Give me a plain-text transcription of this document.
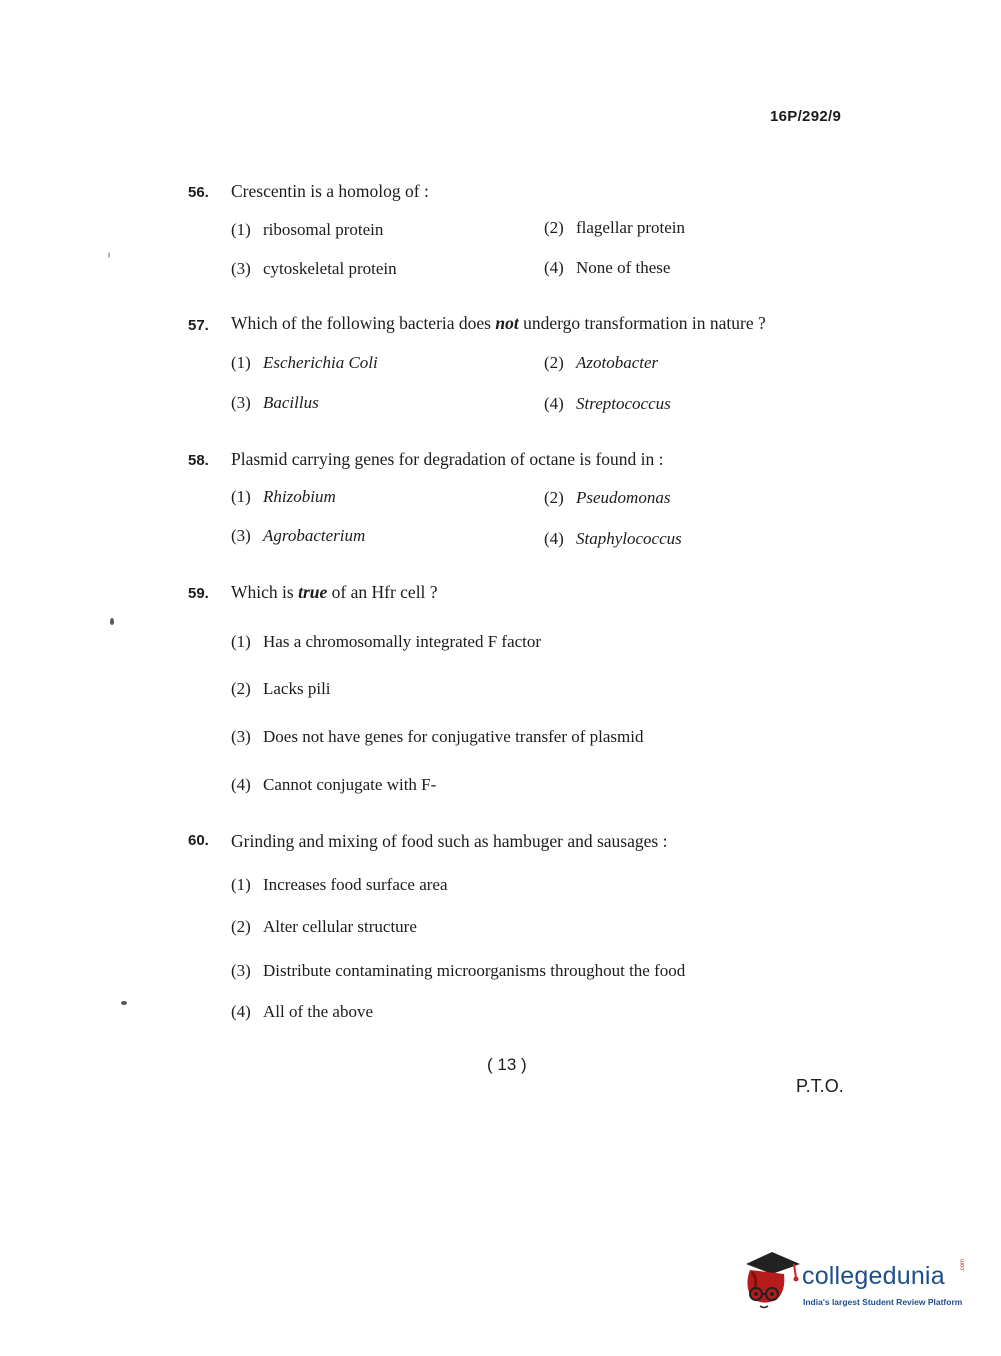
16P/292/9
56. Crescentin is a homolog of :
(1) ribosomal protein	(2) flagellar protein
(3) cytoskeletal protein	(4) None of these
57. Which of the following bacteria does not undergo transformation in nature ?
(1) Escherichia Coli	(2) Azotobacter
(3) Bacillus	(4) Streptococcus
58. Plasmid carrying genes for degradation of octane is found in :
(1) Rhizobium	(2) Pseudomonas
(3) Agrobacterium	(4) Staphylococcus
59. Which is true of an Hfr cell ?
(1) Has a chromosomally integrated F factor
(2) Lacks pili
(3) Does not have genes for conjugative transfer of plasmid
(4) Cannot conjugate with F-
60. Grinding and mixing of food such as hambuger and sausages :
(1) Increases food surface area
(2) Alter cellular structure
(3) Distribute contaminating microorganisms throughout the food
(4) All of the above
( 13 )
P.T.O.
collegedunia	.com
India's largest Student Review Platform
